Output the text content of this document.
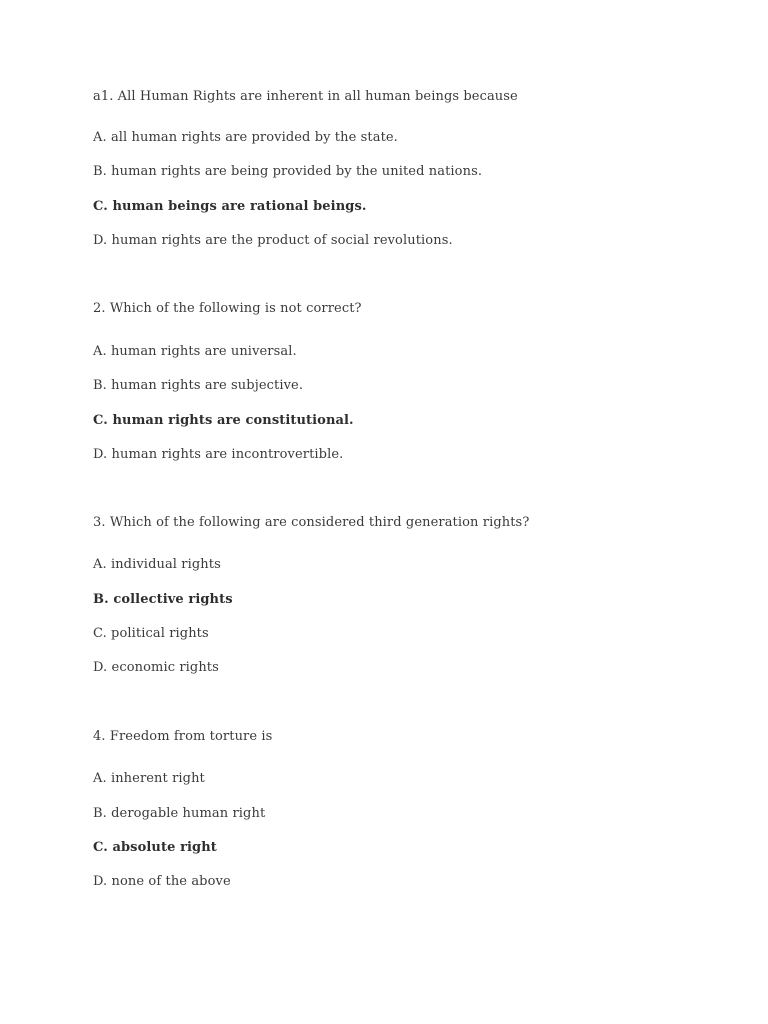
a1. All Human Rights are inherent in all human beings because
A. all human rights are provided by the state.
B. human rights are being provided by the united nations.
C. human beings are rational beings.
D. human rights are the product of social revolutions.
2. Which of the following is not correct?
A. human rights are universal.
B. human rights are subjective.
C. human rights are constitutional.
D. human rights are incontrovertible.
3. Which of the following are considered third generation rights?
A. individual rights
B. collective rights
C. political rights
D. economic rights
4. Freedom from torture is
A. inherent right
B. derogable human right
C. absolute right
D. none of the above
